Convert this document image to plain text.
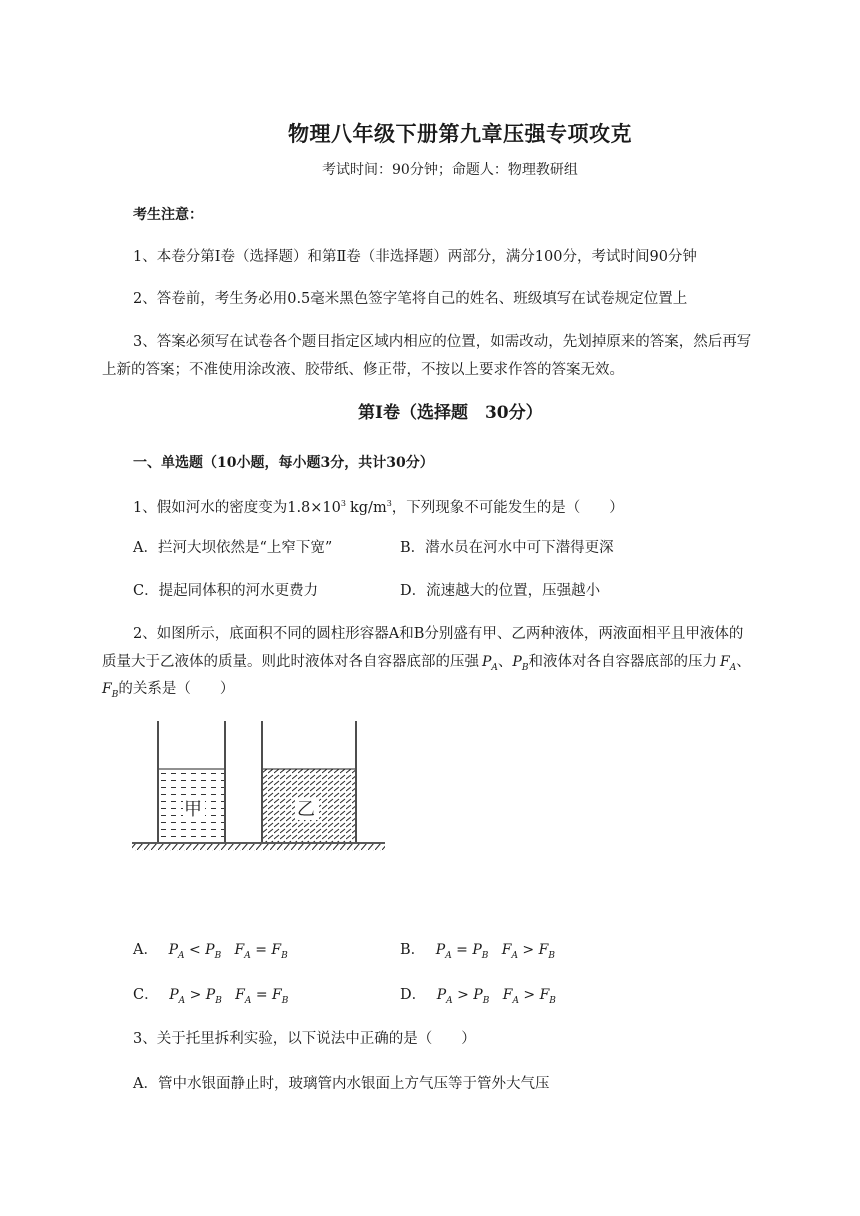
物理八年级下册第九章压强专项攻克
考试时间：90分钟；命题人：物理教研组
考生注意：
1、本卷分第I卷（选择题）和第Ⅱ卷（非选择题）两部分，满分100分，考试时间90分钟
2、答卷前，考生务必用0.5毫米黑色签字笔将自己的姓名、班级填写在试卷规定位置上
3、答案必须写在试卷各个题目指定区域内相应的位置，如需改动，先划掉原来的答案，然后再写
上新的答案；不准使用涂改液、胶带纸、修正带，不按以上要求作答的答案无效。
第I卷（选择题　30分）
一、单选题（10小题，每小题3分，共计30分）
1、假如河水的密度变为$1.8\times 10^3$ $kg/m^3$，下列现象不可能发生的是（　　）
A．拦河大坝依然是“上窄下宽”	B．潜水员在河水中可下潜得更深
C．提起同体积的河水更费力	D．流速越大的位置，压强越小
2、如图所示，底面积不同的圆柱形容器A和B分别盛有甲、乙两种液体，两液面相平且甲液体的
质量大于乙液体的质量。则此时液体对各自容器底部的压强 $P_A$、$P_B$和液体对各自容器底部的压力 $F_A$、
$F_B$的关系是（　　）
甲	乙
A． $P_A < P_B$   $F_A = F_B$	B． $P_A = P_B$   $F_A > F_B$
C． $P_A > P_B$   $F_A = F_B$	D． $P_A > P_B$   $F_A > F_B$
3、关于托里拆利实验，以下说法中正确的是（　　）
A．管中水银面静止时，玻璃管内水银面上方气压等于管外大气压
